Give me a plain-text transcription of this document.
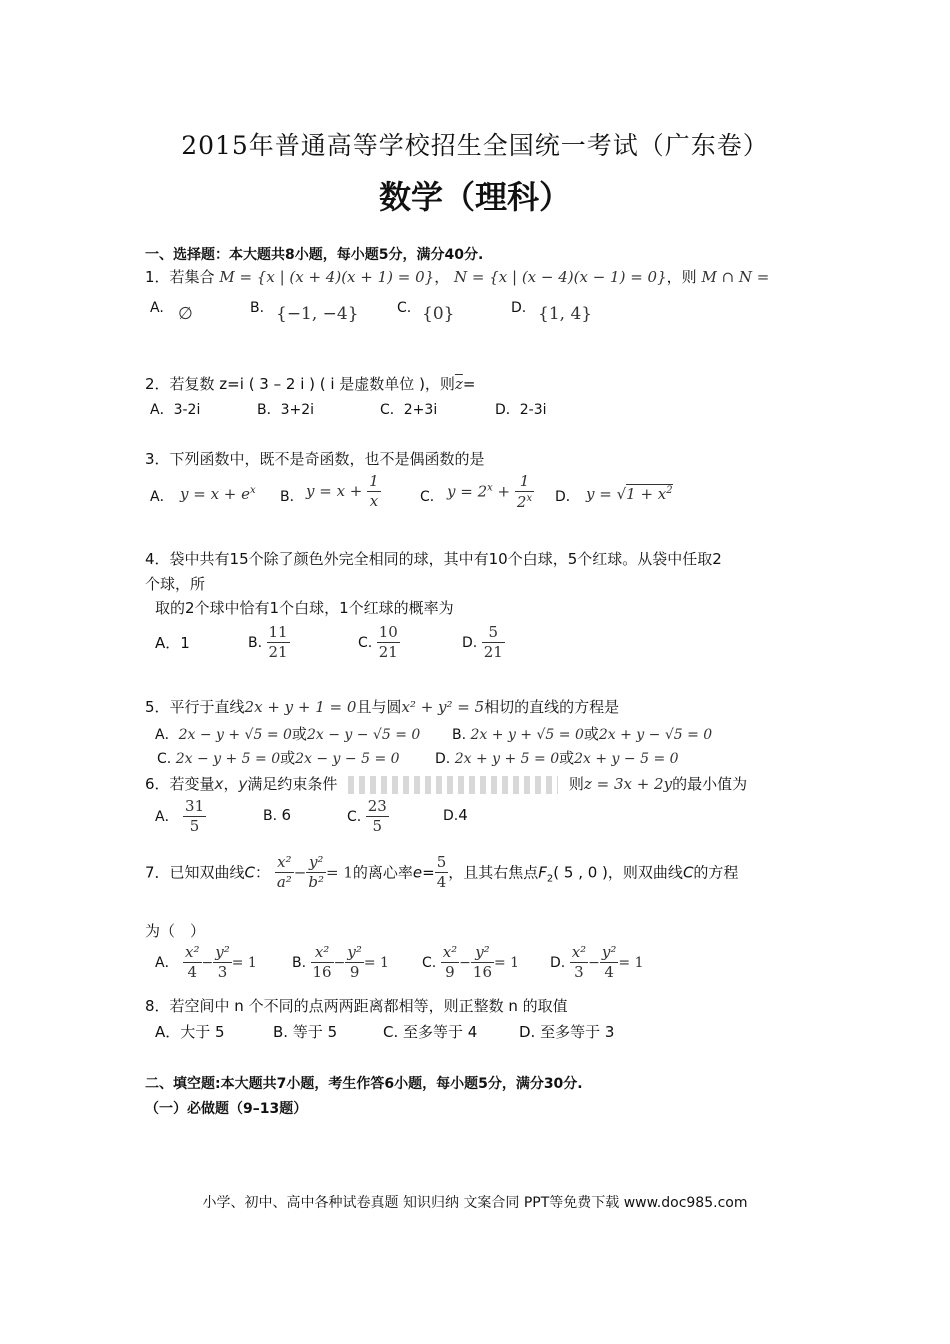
2015年普通高等学校招生全国统一考试（广东卷）
数学（理科）
一、选择题：本大题共8小题，每小题5分，满分40分.
1．若集合 M = {x | (x + 4)(x + 1) = 0}， N = {x | (x − 4)(x − 1) = 0}，则 M ∩ N =
A. ∅	B. {−1, −4}	C. {0}	D. {1, 4}
2．若复数 z=i ( 3 – 2 i ) ( i 是虚数单位 )，则$\overline{z}=$
A．3-2i	B．3+2i	C．2+3i	D．2-3i
3．下列函数中，既不是奇函数，也不是偶函数的是
A． $y = x + e^x$ B． $y = x + \frac{1}{x}$	C． $y = 2^x + \frac{1}{2^x}$ D． $y = √1 + x^2$
4．袋中共有15个除了颜色外完全相同的球，其中有10个白球，5个红球。从袋中任取2
个球，所
取的2个球中恰有1个白球，1个红球的概率为
A．1	B. $\frac{11}{21}$	C. $\frac{10}{21}$	D. $\frac{5}{21}$
5．平行于直线2x + y + 1 = 0且与圆x² + y² = 5相切的直线的方程是
A．2x − y + √5 = 0或2x − y − √5 = 0 B. 2x + y + √5 = 0或2x + y − √5 = 0
C. 2x − y + 5 = 0或2x − y − 5 = 0	D. 2x + y + 5 = 0或2x + y − 5 = 0
6．若变量x，y满足约束条件	则z = 3x + 2y的最小值为
A． $\frac{31}{5}$	B. 6	C. $\frac{23}{5}$	D.4
7．已知双曲线C： $\frac{\text{x²}}{\text{a²}} - \frac{\text{y²}}{\text{b²}} = 1$的离心率$e= \frac{5}{4}$ ，且其右焦点$F_2$( 5 , 0 )，则双曲线C的方程
为（　）
A． $\frac{\text{x²}}{4} - \frac{\text{y²}}{3} = 1$	B. $\frac{\text{x²}}{16} - \frac{\text{y²}}{9} = 1$ C. $\frac{\text{x²}}{9} - \frac{\text{y²}}{16} = 1$ D. $\frac{\text{x²}}{3} - \frac{\text{y²}}{4} = 1$
8．若空间中 n 个不同的点两两距离都相等，则正整数 n 的取值
A．大于 5	B. 等于 5	C. 至多等于 4	D. 至多等于 3
二、填空题:本大题共7小题，考生作答6小题，每小题5分，满分30分.
（一）必做题（9–13题）
小学、初中、高中各种试卷真题 知识归纳 文案合同 PPT等免费下载 www.doc985.com
